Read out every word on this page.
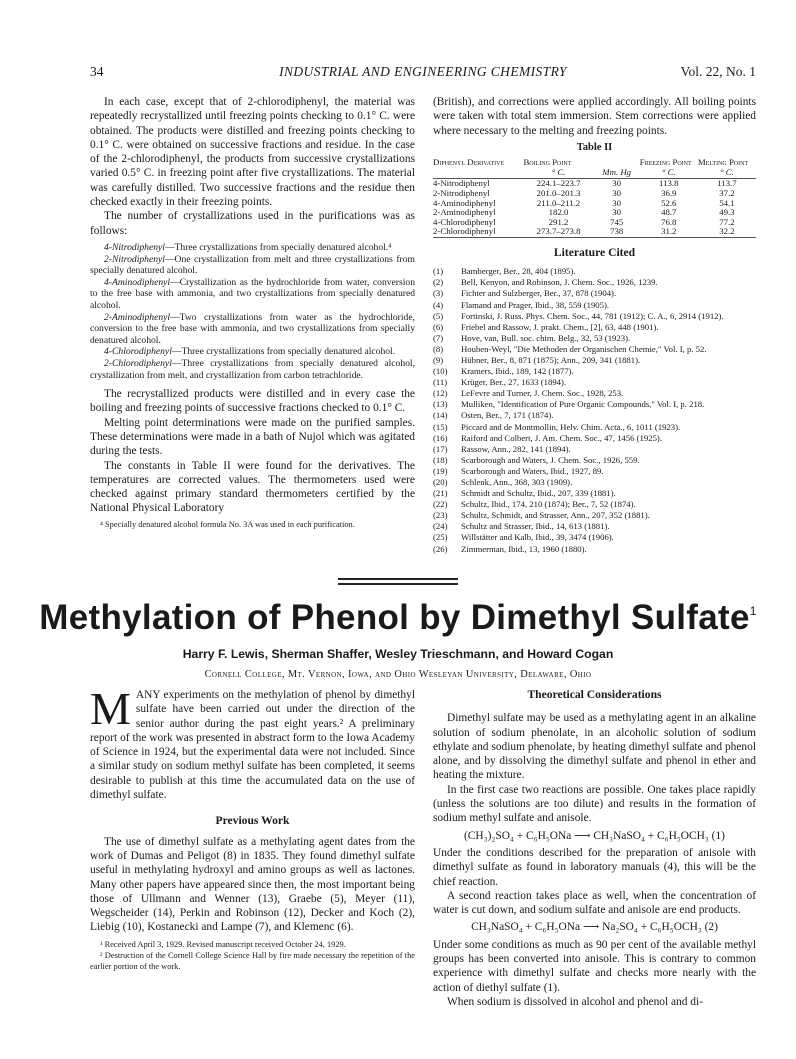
34	INDUSTRIAL AND ENGINEERING CHEMISTRY	Vol. 22, No. 1

In each case, except that of 2-chlorodiphenyl, the material was repeatedly recrystallized until freezing points checking to 0.1° C. were obtained. The products were distilled and freezing points checking to 0.1° C. were obtained on successive fractions and residue. In the case of the 2-chlorodiphenyl, the products from successive crystallizations varied 0.5° C. in freezing point after five crystallizations. The material was carefully distilled. Two successive fractions and the residue then checked exactly in their freezing points.

The number of crystallizations used in the purifications was as follows:

4-Nitrodiphenyl—Three crystallizations from specially denatured alcohol.⁴

2-Nitrodiphenyl—One crystallization from melt and three crystallizations from specially denatured alcohol.

4-Aminodiphenyl—Crystallization as the hydrochloride from water, conversion to the free base with ammonia, and two crystallizations from specially denatured alcohol.

2-Aminodiphenyl—Two crystallizations from water as the hydrochloride, conversion to the free base with ammonia, and two crystallizations from specially denatured alcohol.

4-Chlorodiphenyl—Three crystallizations from specially denatured alcohol.

2-Chlorodiphenyl—Three crystallizations from specially denatured alcohol, crystallization from melt, and crystallization from carbon tetrachloride.

The recrystallized products were distilled and in every case the boiling and freezing points of successive fractions checked to 0.1° C.

Melting point determinations were made on the purified samples. These determinations were made in a bath of Nujol which was agitated during the tests.

The constants in Table II were found for the derivatives. The temperatures are corrected values. The thermometers used were checked against primary standard thermometers certified by the National Physical Laboratory

⁴ Specially denatured alcohol formula No. 3A was used in each purification.

(British), and corrections were applied accordingly. All boiling points were taken with total stem immersion. Stem corrections were applied where necessary to the melting and freezing points.

Table II
Diphenyl Derivative	Boiling Point		Freezing Point	Melting Point
	° C.	Mm. Hg	° C.	° C.
4-Nitrodiphenyl	224.1–223.7	30	113.8	113.7
2-Nitrodiphenyl	201.0–201.3	30	36.9	37.2
4-Aminodiphenyl	211.0–211.2	30	52.6	54.1
2-Aminodiphenyl	182.0	30	48.7	49.3
4-Chlorodiphenyl	291.2	745	76.8	77.2
2-Chlorodiphenyl	273.7–273.8	738	31.2	32.2
Literature Cited
(1) Bamberger, Ber., 28, 404 (1895).
(2) Bell, Kenyon, and Robinson, J. Chem. Soc., 1926, 1239.
(3) Fichter and Sulzberger, Ber., 37, 878 (1904).
(4) Flamand and Prager, Ibid., 38, 559 (1905).
(5) Fortinski, J. Russ. Phys. Chem. Soc., 44, 781 (1912); C. A., 6, 2914 (1912).
(6) Friebel and Rassow, J. prakt. Chem., [2], 63, 448 (1901).
(7) Hove, van, Bull. soc. chim. Belg., 32, 53 (1923).
(8) Houben-Weyl, "Die Methoden der Organischen Chemie," Vol. I, p. 52.
(9) Hübner, Ber., 8, 871 (1875); Ann., 209, 341 (1881).
(10) Kramers, Ibid., 189, 142 (1877).
(11) Krüger, Ber., 27, 1633 (1894).
(12) LeFevre and Turner, J. Chem. Soc., 1928, 253.
(13) Mulliken, "Identification of Pure Organic Compounds," Vol. I, p. 218.
(14) Osten, Ber., 7, 171 (1874).
(15) Piccard and de Montmollin, Helv. Chim. Acta., 6, 1011 (1923).
(16) Raiford and Colbert, J. Am. Chem. Soc., 47, 1456 (1925).
(17) Rassow, Ann., 282, 141 (1894).
(18) Scarborough and Waters, J. Chem. Soc., 1926, 559.
(19) Scarborough and Waters, Ibid., 1927, 89.
(20) Schlenk, Ann., 368, 303 (1909).
(21) Schmidt and Schultz, Ibid., 207, 339 (1881).
(22) Schultz, Ibid., 174, 210 (1874); Ber., 7, 52 (1874).
(23) Schultz, Schmidt, and Strasser, Ann., 207, 352 (1881).
(24) Schultz and Strasser, Ibid., 14, 613 (1881).
(25) Willstätter and Kalb, Ibid., 39, 3474 (1906).
(26) Zimmerman, Ibid., 13, 1960 (1880).
Methylation of Phenol by Dimethyl Sulfate$^1$
Harry F. Lewis, Sherman Shaffer, Wesley Trieschmann, and Howard Cogan
Cornell College, Mt. Vernon, Iowa, and Ohio Wesleyan University, Delaware, Ohio

MANY experiments on the methylation of phenol by dimethyl sulfate have been carried out under the direction of the senior author during the past eight years.² A preliminary report of the work was presented in abstract form to the Iowa Academy of Science in 1924, but the experimental data were not included. Since a similar study on sodium methyl sulfate has been completed, it seems desirable to publish at this time the accumulated data on the use of dimethyl sulfate.

Previous Work

The use of dimethyl sulfate as a methylating agent dates from the work of Dumas and Peligot (8) in 1835. They found dimethyl sulfate useful in methylating hydroxyl and amino groups as well as lactones. Many other papers have appeared since then, the most important being those of Ullmann and Wenner (13), Graebe (5), Meyer (11), Wegscheider (14), Perkin and Robinson (12), Decker and Koch (2), Liebig (10), Kostanecki and Lampe (7), and Klemenc (6).

¹ Received April 3, 1929. Revised manuscript received October 24, 1929.

² Destruction of the Cornell College Science Hall by fire made necessary the repetition of the earlier portion of the work.

Theoretical Considerations

Dimethyl sulfate may be used as a methylating agent in an alkaline solution of sodium phenolate, in an alcoholic solution of sodium ethylate and sodium phenolate, by heating dimethyl sulfate and phenol alone, and by dissolving the dimethyl sulfate and phenol in ether and heating the mixture.

In the first case two reactions are possible. One takes place rapidly (unless the solutions are too dilute) and results in the formation of sodium methyl sulfate and anisole.

(CH₃)₂SO₄ + C₆H₅ONa ⟶ CH₃NaSO₄ + C₆H₅OCH₃ (1)

Under the conditions described for the preparation of anisole with dimethyl sulfate as found in laboratory manuals (4), this will be the chief reaction.

A second reaction takes place as well, when the concentration of water is cut down, and sodium sulfate and anisole are end products.

CH₃NaSO₄ + C₆H₅ONa ⟶ Na₂SO₄ + C₆H₅OCH₃ (2)

Under some conditions as much as 90 per cent of the available methyl groups has been converted into anisole. This is contrary to common experience with dimethyl sulfate and checks more nearly with the action of diethyl sulfate (1).

When sodium is dissolved in alcohol and phenol and di-
